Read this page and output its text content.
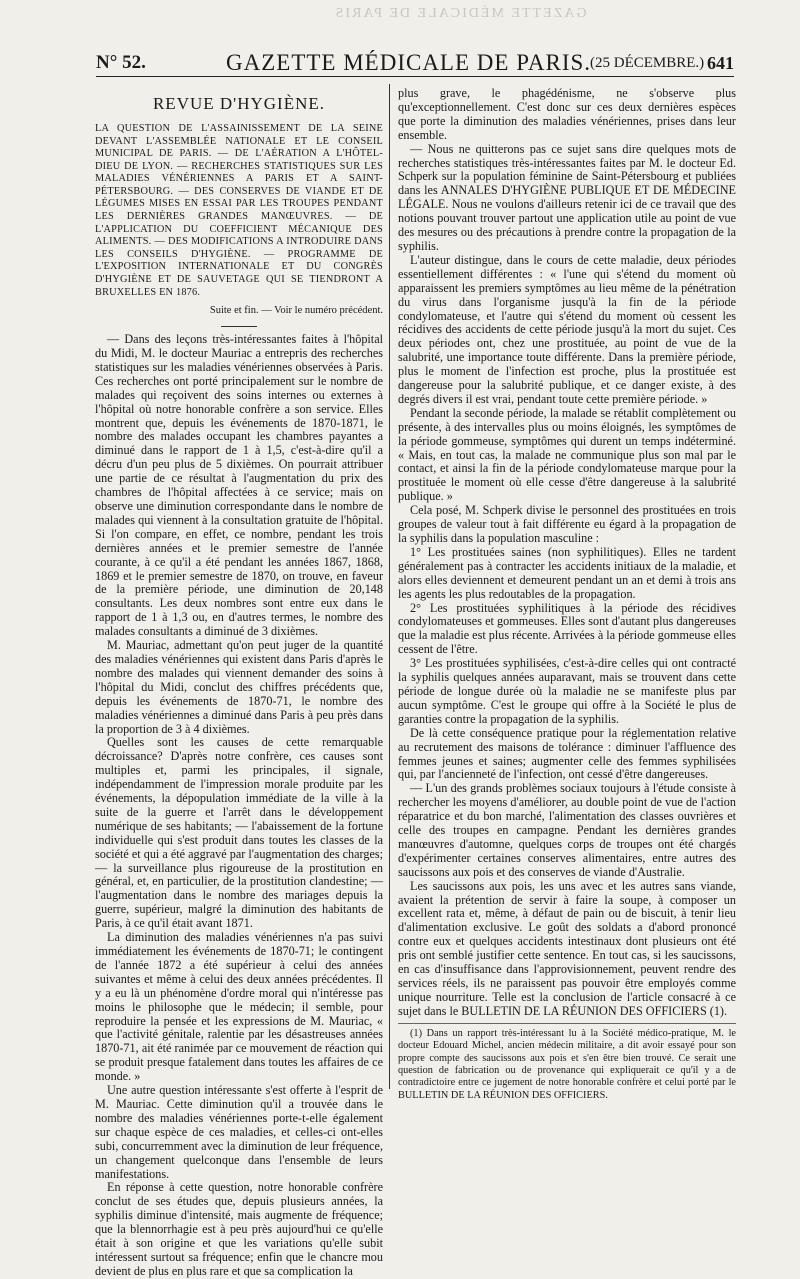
GAZETTE MÉDICALE DE PARIS
N° 52.	GAZETTE MÉDICALE DE PARIS.
(25 DÉCEMBRE.) 641
REVUE D'HYGIÈNE.
LA QUESTION DE L'ASSAINISSEMENT DE LA SEINE DEVANT L'ASSEMBLÉE NATIONALE ET LE CONSEIL MUNICIPAL DE PARIS. — DE L'AÉRATION A L'HÔTEL-DIEU DE LYON. — RECHERCHES STATISTIQUES SUR LES MALADIES VÉNÉRIENNES A PARIS ET A SAINT-PÉTERSBOURG. — DES CONSERVES DE VIANDE ET DE LÉGUMES MISES EN ESSAI PAR LES TROUPES PENDANT LES DERNIÈRES GRANDES MANŒUVRES. — DE L'APPLICATION DU COEFFICIENT MÉCANIQUE DES ALIMENTS. — DES MODIFICATIONS A INTRODUIRE DANS LES CONSEILS D'HYGIÈNE. — PROGRAMME DE L'EXPOSITION INTERNATIONALE ET DU CONGRÈS D'HYGIÈNE ET DE SAUVETAGE QUI SE TIENDRONT A BRUXELLES EN 1876.
Suite et fin. — Voir le numéro précédent.

— Dans des leçons très-intéressantes faites à l'hôpital du Midi, M. le docteur Mauriac a entrepris des recherches statistiques sur les maladies vénériennes observées à Paris. Ces recherches ont porté principalement sur le nombre de malades qui reçoivent des soins internes ou externes à l'hôpital où notre honorable confrère a son service. Elles montrent que, depuis les événements de 1870-1871, le nombre des malades occupant les chambres payantes a diminué dans le rapport de 1 à 1,5, c'est-à-dire qu'il a décru d'un peu plus de 5 dixièmes. On pourrait attribuer une partie de ce résultat à l'augmentation du prix des chambres de l'hôpital affectées à ce service; mais on observe une diminution correspondante dans le nombre de malades qui viennent à la consultation gratuite de l'hôpital. Si l'on compare, en effet, ce nombre, pendant les trois dernières années et le premier semestre de l'année courante, à ce qu'il a été pendant les années 1867, 1868, 1869 et le premier semestre de 1870, on trouve, en faveur de la première période, une diminution de 20,148 consultants. Les deux nombres sont entre eux dans le rapport de 1 à 1,3 ou, en d'autres termes, le nombre des malades consultants a diminué de 3 dixièmes.

M. Mauriac, admettant qu'on peut juger de la quantité des maladies vénériennes qui existent dans Paris d'après le nombre des malades qui viennent demander des soins à l'hôpital du Midi, conclut des chiffres précédents que, depuis les événements de 1870-71, le nombre des maladies vénériennes a diminué dans Paris à peu près dans la proportion de 3 à 4 dixièmes.

Quelles sont les causes de cette remarquable décroissance? D'après notre confrère, ces causes sont multiples et, parmi les principales, il signale, indépendamment de l'impression morale produite par les événements, la dépopulation immédiate de la ville à la suite de la guerre et l'arrêt dans le développement numérique de ses habitants; — l'abaissement de la fortune individuelle qui s'est produit dans toutes les classes de la société et qui a été aggravé par l'augmentation des charges; — la surveillance plus rigoureuse de la prostitution en général, et, en particulier, de la prostitution clandestine; — l'augmentation dans le nombre des mariages depuis la guerre, supérieur, malgré la diminution des habitants de Paris, à ce qu'il était avant 1871.

La diminution des maladies vénériennes n'a pas suivi immédiatement les événements de 1870-71; le contingent de l'année 1872 a été supérieur à celui des années suivantes et même à celui des deux années précédentes. Il y a eu là un phénomène d'ordre moral qui n'intéresse pas moins le philosophe que le médecin; il semble, pour reproduire la pensée et les expressions de M. Mauriac, « que l'activité génitale, ralentie par les désastreuses années 1870-71, ait été ranimée par ce mouvement de réaction qui se produit presque fatalement dans toutes les affaires de ce monde. »

Une autre question intéressante s'est offerte à l'esprit de M. Mauriac. Cette diminution qu'il a trouvée dans le nombre des maladies vénériennes porte-t-elle également sur chaque espèce de ces maladies, et celles-ci ont-elles subi, concurremment avec la diminution de leur fréquence, un changement quelconque dans l'ensemble de leurs manifestations.

En réponse à cette question, notre honorable confrère conclut de ses études que, depuis plusieurs années, la syphilis diminue d'intensité, mais augmente de fréquence; que la blennorrhagie est à peu près aujourd'hui ce qu'elle était à son origine et que les variations qu'elle subit intéressent surtout sa fréquence; enfin que le chancre mou devient de plus en plus rare et que sa complication la

plus grave, le phagédénisme, ne s'observe plus qu'exceptionnellement. C'est donc sur ces deux dernières espèces que porte la diminution des maladies vénériennes, prises dans leur ensemble.

— Nous ne quitterons pas ce sujet sans dire quelques mots de recherches statistiques très-intéressantes faites par M. le docteur Ed. Schperk sur la population féminine de Saint-Pétersbourg et publiées dans les ANNALES D'HYGIÈNE PUBLIQUE ET DE MÉDECINE LÉGALE. Nous ne voulons d'ailleurs retenir ici de ce travail que des notions pouvant trouver partout une application utile au point de vue des mesures ou des précautions à prendre contre la propagation de la syphilis.

L'auteur distingue, dans le cours de cette maladie, deux périodes essentiellement différentes : « l'une qui s'étend du moment où apparaissent les premiers symptômes au lieu même de la pénétration du virus dans l'organisme jusqu'à la fin de la période condylomateuse, et l'autre qui s'étend du moment où cessent les récidives des accidents de cette période jusqu'à la mort du sujet. Ces deux périodes ont, chez une prostituée, au point de vue de la salubrité, une importance toute différente. Dans la première période, plus le moment de l'infection est proche, plus la prostituée est dangereuse pour la salubrité publique, et ce danger existe, à des degrés divers il est vrai, pendant toute cette première période. »

Pendant la seconde période, la malade se rétablit complètement ou présente, à des intervalles plus ou moins éloignés, les symptômes de la période gommeuse, symptômes qui durent un temps indéterminé. « Mais, en tout cas, la malade ne communique plus son mal par le contact, et ainsi la fin de la période condylomateuse marque pour la prostituée le moment où elle cesse d'être dangereuse à la salubrité publique. »

Cela posé, M. Schperk divise le personnel des prostituées en trois groupes de valeur tout à fait différente eu égard à la propagation de la syphilis dans la population masculine :

1° Les prostituées saines (non syphilitiques). Elles ne tardent généralement pas à contracter les accidents initiaux de la maladie, et alors elles deviennent et demeurent pendant un an et demi à trois ans les agents les plus redoutables de la propagation.

2° Les prostituées syphilitiques à la période des récidives condylomateuses et gommeuses. Elles sont d'autant plus dangereuses que la maladie est plus récente. Arrivées à la période gommeuse elles cessent de l'être.

3° Les prostituées syphilisées, c'est-à-dire celles qui ont contracté la syphilis quelques années auparavant, mais se trouvent dans cette période de longue durée où la maladie ne se manifeste plus par aucun symptôme. C'est le groupe qui offre à la Société le plus de garanties contre la propagation de la syphilis.

De là cette conséquence pratique pour la réglementation relative au recrutement des maisons de tolérance : diminuer l'affluence des femmes jeunes et saines; augmenter celle des femmes syphilisées qui, par l'ancienneté de l'infection, ont cessé d'être dangereuses.

— L'un des grands problèmes sociaux toujours à l'étude consiste à rechercher les moyens d'améliorer, au double point de vue de l'action réparatrice et du bon marché, l'alimentation des classes ouvrières et celle des troupes en campagne. Pendant les dernières grandes manœuvres d'automne, quelques corps de troupes ont été chargés d'expérimenter certaines conserves alimentaires, entre autres des saucissons aux pois et des conserves de viande d'Australie.

Les saucissons aux pois, les uns avec et les autres sans viande, avaient la prétention de servir à faire la soupe, à composer un excellent rata et, même, à défaut de pain ou de biscuit, à tenir lieu d'alimentation exclusive. Le goût des soldats a d'abord prononcé contre eux et quelques accidents intestinaux dont plusieurs ont été pris ont semblé justifier cette sentence. En tout cas, si les saucissons, en cas d'insuffisance dans l'approvisionnement, peuvent rendre des services réels, ils ne paraissent pas pouvoir être employés comme unique nourriture. Telle est la conclusion de l'article consacré à ce sujet dans le BULLETIN DE LA RÉUNION DES OFFICIERS (1).

(1) Dans un rapport très-intéressant lu à la Société médico-pratique, M. le docteur Edouard Michel, ancien médecin militaire, a dit avoir essayé pour son propre compte des saucissons aux pois et s'en être bien trouvé. Ce serait une question de fabrication ou de provenance qui expliquerait ce qu'il y a de contradictoire entre ce jugement de notre honorable confrère et celui porté par le BULLETIN DE LA RÉUNION DES OFFICIERS.
